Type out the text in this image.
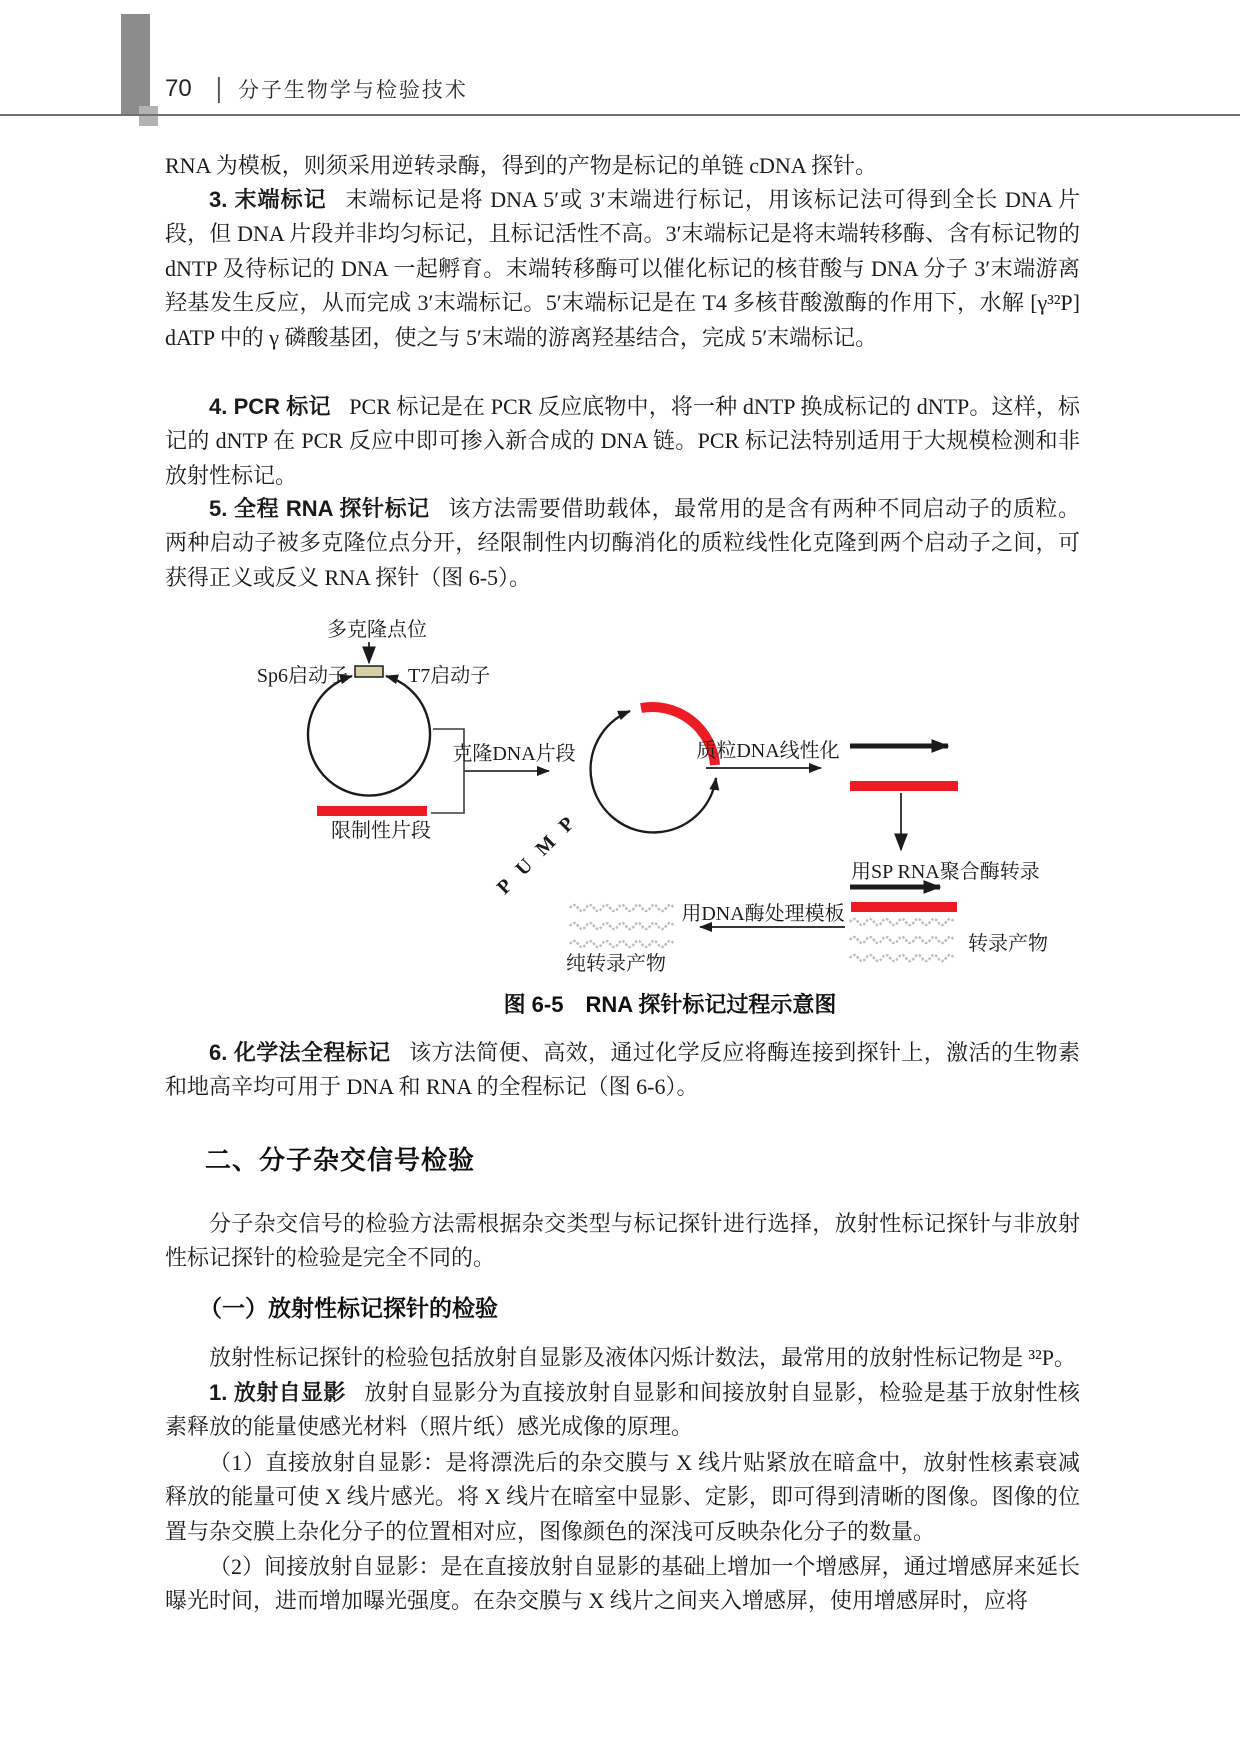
70 | 分子生物学与检验技术
PUMP
多克隆点位
Sp6启动子	T7启动子
限制性片段
克隆DNA片段	质粒DNA线性化
用SP RNA聚合酶转录
转录产物
用DNA酶处理模板
纯转录产物

图 6-5　RNA 探针标记过程示意图

RNA 为模板，则须采用逆转录酶，得到的产物是标记的单链 cDNA 探针。

3. 末端标记 末端标记是将 DNA 5′或 3′末端进行标记，用该标记法可得到全长 DNA 片段，但 DNA 片段并非均匀标记，且标记活性不高。3′末端标记是将末端转移酶、含有标记物的 dNTP 及待标记的 DNA 一起孵育。末端转移酶可以催化标记的核苷酸与 DNA 分子 3′末端游离羟基发生反应，从而完成 3′末端标记。5′末端标记是在 T4 多核苷酸激酶的作用下，水解 [γ³²P] dATP 中的 γ 磷酸基团，使之与 5′末端的游离羟基结合，完成 5′末端标记。

4. PCR 标记 PCR 标记是在 PCR 反应底物中，将一种 dNTP 换成标记的 dNTP。这样，标记的 dNTP 在 PCR 反应中即可掺入新合成的 DNA 链。PCR 标记法特别适用于大规模检测和非放射性标记。

5. 全程 RNA 探针标记 该方法需要借助载体，最常用的是含有两种不同启动子的质粒。两种启动子被多克隆位点分开，经限制性内切酶消化的质粒线性化克隆到两个启动子之间，可获得正义或反义 RNA 探针（图 6-5）。

6. 化学法全程标记 该方法简便、高效，通过化学反应将酶连接到探针上，激活的生物素和地高辛均可用于 DNA 和 RNA 的全程标记（图 6-6）。

二、分子杂交信号检验

分子杂交信号的检验方法需根据杂交类型与标记探针进行选择，放射性标记探针与非放射性标记探针的检验是完全不同的。

（一）放射性标记探针的检验

放射性标记探针的检验包括放射自显影及液体闪烁计数法，最常用的放射性标记物是 ³²P。

1. 放射自显影 放射自显影分为直接放射自显影和间接放射自显影，检验是基于放射性核素释放的能量使感光材料（照片纸）感光成像的原理。

（1）直接放射自显影：是将漂洗后的杂交膜与 X 线片贴紧放在暗盒中，放射性核素衰减释放的能量可使 X 线片感光。将 X 线片在暗室中显影、定影，即可得到清晰的图像。图像的位置与杂交膜上杂化分子的位置相对应，图像颜色的深浅可反映杂化分子的数量。

（2）间接放射自显影：是在直接放射自显影的基础上增加一个增感屏，通过增感屏来延长曝光时间，进而增加曝光强度。在杂交膜与 X 线片之间夹入增感屏，使用增感屏时，应将
